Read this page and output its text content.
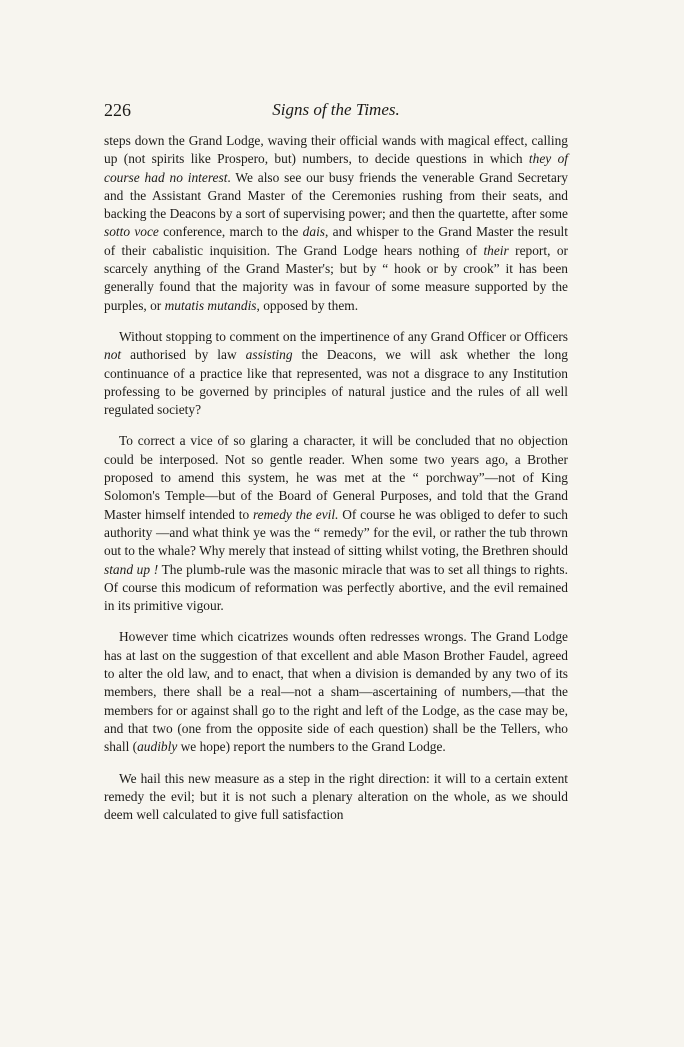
226	Signs of the Times.

steps down the Grand Lodge, waving their official wands with magical effect, calling up (not spirits like Prospero, but) numbers, to decide questions in which they of course had no interest. We also see our busy friends the venerable Grand Secretary and the Assistant Grand Master of the Ceremonies rushing from their seats, and backing the Deacons by a sort of supervising power; and then the quartette, after some sotto voce conference, march to the dais, and whisper to the Grand Master the result of their cabalistic inquisition. The Grand Lodge hears nothing of their report, or scarcely anything of the Grand Master's; but by “ hook or by crook” it has been generally found that the majority was in favour of some measure supported by the purples, or mutatis mutandis, opposed by them.

Without stopping to comment on the impertinence of any Grand Officer or Officers not authorised by law assisting the Deacons, we will ask whether the long continuance of a practice like that represented, was not a disgrace to any Institution professing to be governed by principles of natural justice and the rules of all well regulated society?

To correct a vice of so glaring a character, it will be concluded that no objection could be interposed. Not so gentle reader. When some two years ago, a Brother proposed to amend this system, he was met at the “ porchway”—not of King Solomon's Temple—but of the Board of General Purposes, and told that the Grand Master himself intended to remedy the evil. Of course he was obliged to defer to such authority —and what think ye was the “ remedy” for the evil, or rather the tub thrown out to the whale? Why merely that instead of sitting whilst voting, the Brethren should stand up ! The plumb-rule was the masonic miracle that was to set all things to rights. Of course this modicum of reformation was perfectly abortive, and the evil remained in its primitive vigour.

However time which cicatrizes wounds often redresses wrongs. The Grand Lodge has at last on the suggestion of that excellent and able Mason Brother Faudel, agreed to alter the old law, and to enact, that when a division is demanded by any two of its members, there shall be a real—not a sham—ascertaining of numbers,—that the members for or against shall go to the right and left of the Lodge, as the case may be, and that two (one from the opposite side of each question) shall be the Tellers, who shall (audibly we hope) report the numbers to the Grand Lodge.

We hail this new measure as a step in the right direction: it will to a certain extent remedy the evil; but it is not such a plenary alteration on the whole, as we should deem well calculated to give full satisfaction
